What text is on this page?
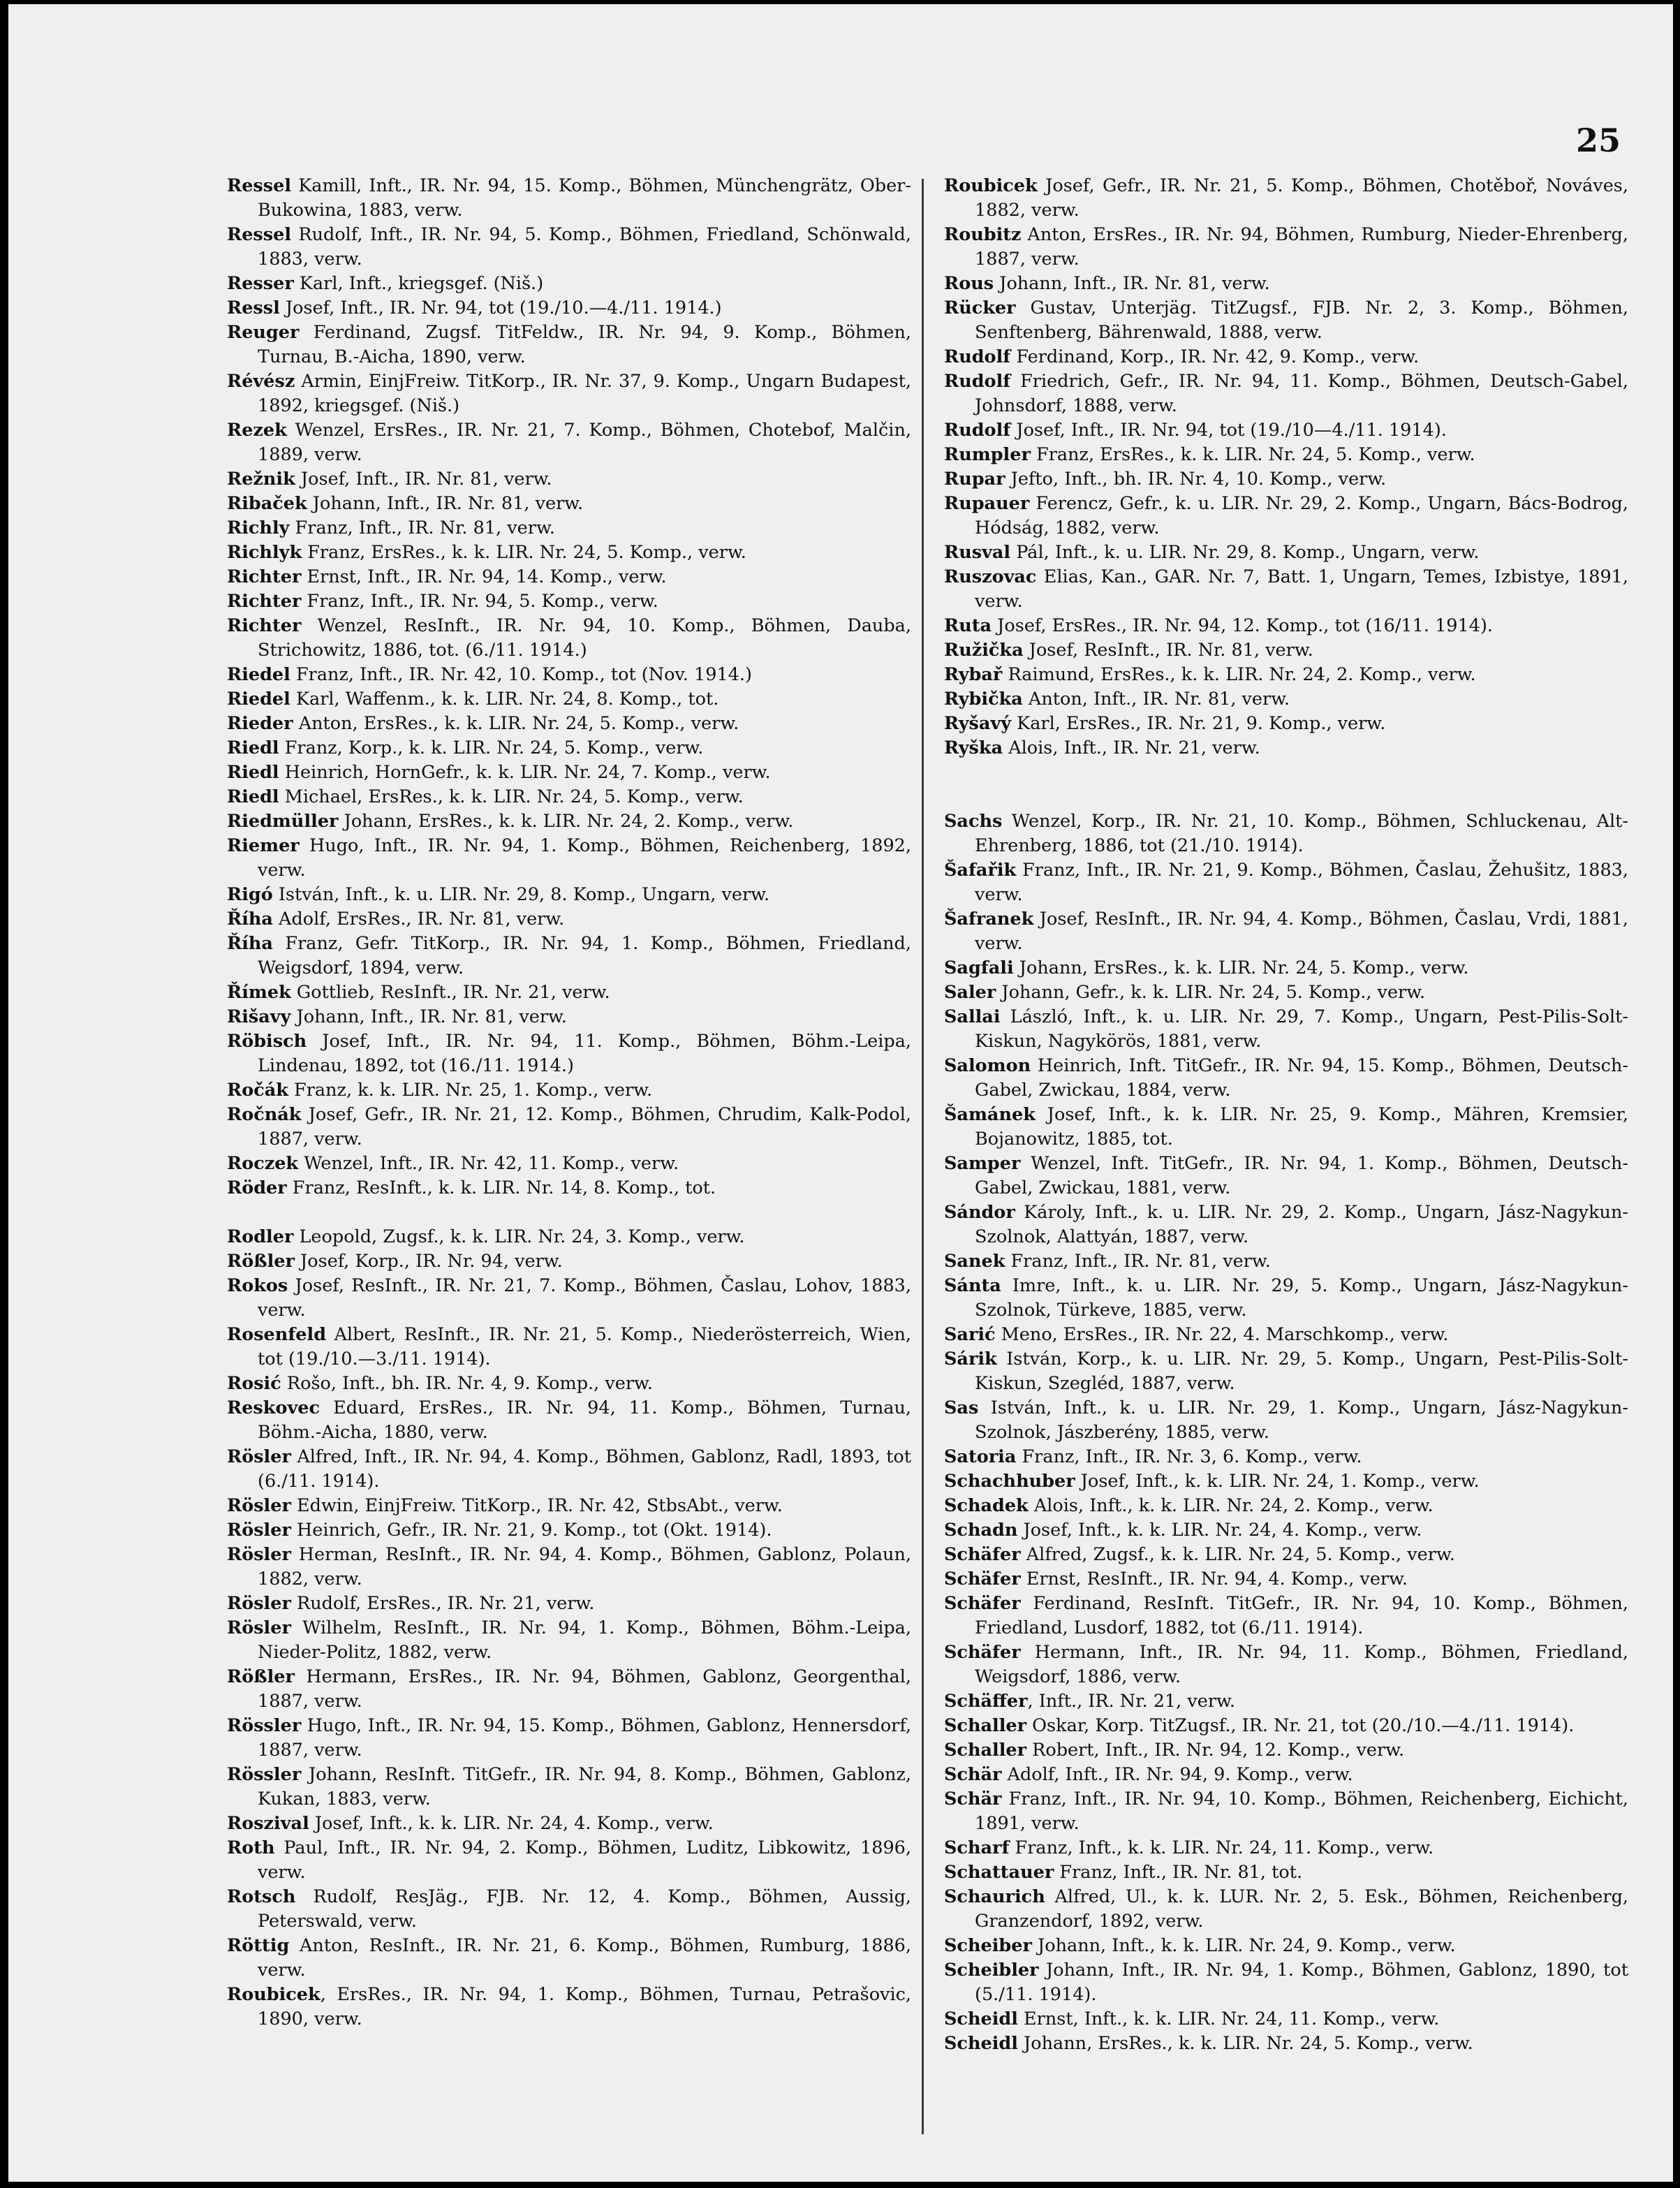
25

Ressel Kamill, Inft., IR. Nr. 94, 15. Komp., Böhmen, Münchengrätz, Ober-Bukowina, 1883, verw.

Ressel Rudolf, Inft., IR. Nr. 94, 5. Komp., Böhmen, Friedland, Schönwald, 1883, verw.

Resser Karl, Inft., kriegsgef. (Niš.)

Ressl Josef, Inft., IR. Nr. 94, tot (19./10.—4./11. 1914.)

Reuger Ferdinand, Zugsf. TitFeldw., IR. Nr. 94, 9. Komp., Böhmen, Turnau, B.-Aicha, 1890, verw.

Révész Armin, EinjFreiw. TitKorp., IR. Nr. 37, 9. Komp., Ungarn Budapest, 1892, kriegsgef. (Niš.)

Rezek Wenzel, ErsRes., IR. Nr. 21, 7. Komp., Böhmen, Chotebof, Malčin, 1889, verw.

Režnik Josef, Inft., IR. Nr. 81, verw.

Ribaček Johann, Inft., IR. Nr. 81, verw.

Richly Franz, Inft., IR. Nr. 81, verw.

Richlyk Franz, ErsRes., k. k. LIR. Nr. 24, 5. Komp., verw.

Richter Ernst, Inft., IR. Nr. 94, 14. Komp., verw.

Richter Franz, Inft., IR. Nr. 94, 5. Komp., verw.

Richter Wenzel, ResInft., IR. Nr. 94, 10. Komp., Böhmen, Dauba, Strichowitz, 1886, tot. (6./11. 1914.)

Riedel Franz, Inft., IR. Nr. 42, 10. Komp., tot (Nov. 1914.)

Riedel Karl, Waffenm., k. k. LIR. Nr. 24, 8. Komp., tot.

Rieder Anton, ErsRes., k. k. LIR. Nr. 24, 5. Komp., verw.

Riedl Franz, Korp., k. k. LIR. Nr. 24, 5. Komp., verw.

Riedl Heinrich, HornGefr., k. k. LIR. Nr. 24, 7. Komp., verw.

Riedl Michael, ErsRes., k. k. LIR. Nr. 24, 5. Komp., verw.

Riedmüller Johann, ErsRes., k. k. LIR. Nr. 24, 2. Komp., verw.

Riemer Hugo, Inft., IR. Nr. 94, 1. Komp., Böhmen, Reichenberg, 1892, verw.

Rigó István, Inft., k. u. LIR. Nr. 29, 8. Komp., Ungarn, verw.

Říha Adolf, ErsRes., IR. Nr. 81, verw.

Říha Franz, Gefr. TitKorp., IR. Nr. 94, 1. Komp., Böhmen, Friedland, Weigsdorf, 1894, verw.

Římek Gottlieb, ResInft., IR. Nr. 21, verw.

Rišavy Johann, Inft., IR. Nr. 81, verw.

Röbisch Josef, Inft., IR. Nr. 94, 11. Komp., Böhmen, Böhm.-Leipa, Lindenau, 1892, tot (16./11. 1914.)

Ročák Franz, k. k. LIR. Nr. 25, 1. Komp., verw.

Ročnák Josef, Gefr., IR. Nr. 21, 12. Komp., Böhmen, Chrudim, Kalk-Podol, 1887, verw.

Roczek Wenzel, Inft., IR. Nr. 42, 11. Komp., verw.

Röder Franz, ResInft., k. k. LIR. Nr. 14, 8. Komp., tot.

Rodler Leopold, Zugsf., k. k. LIR. Nr. 24, 3. Komp., verw.

Rößler Josef, Korp., IR. Nr. 94, verw.

Rokos Josef, ResInft., IR. Nr. 21, 7. Komp., Böhmen, Časlau, Lohov, 1883, verw.

Rosenfeld Albert, ResInft., IR. Nr. 21, 5. Komp., Niederösterreich, Wien, tot (19./10.—3./11. 1914).

Rosić Rošo, Inft., bh. IR. Nr. 4, 9. Komp., verw.

Reskovec Eduard, ErsRes., IR. Nr. 94, 11. Komp., Böhmen, Turnau, Böhm.-Aicha, 1880, verw.

Rösler Alfred, Inft., IR. Nr. 94, 4. Komp., Böhmen, Gablonz, Radl, 1893, tot (6./11. 1914).

Rösler Edwin, EinjFreiw. TitKorp., IR. Nr. 42, StbsAbt., verw.

Rösler Heinrich, Gefr., IR. Nr. 21, 9. Komp., tot (Okt. 1914).

Rösler Herman, ResInft., IR. Nr. 94, 4. Komp., Böhmen, Gablonz, Polaun, 1882, verw.

Rösler Rudolf, ErsRes., IR. Nr. 21, verw.

Rösler Wilhelm, ResInft., IR. Nr. 94, 1. Komp., Böhmen, Böhm.-Leipa, Nieder-Politz, 1882, verw.

Rößler Hermann, ErsRes., IR. Nr. 94, Böhmen, Gablonz, Georgenthal, 1887, verw.

Rössler Hugo, Inft., IR. Nr. 94, 15. Komp., Böhmen, Gablonz, Hennersdorf, 1887, verw.

Rössler Johann, ResInft. TitGefr., IR. Nr. 94, 8. Komp., Böhmen, Gablonz, Kukan, 1883, verw.

Roszival Josef, Inft., k. k. LIR. Nr. 24, 4. Komp., verw.

Roth Paul, Inft., IR. Nr. 94, 2. Komp., Böhmen, Luditz, Libkowitz, 1896, verw.

Rotsch Rudolf, ResJäg., FJB. Nr. 12, 4. Komp., Böhmen, Aussig, Peterswald, verw.

Röttig Anton, ResInft., IR. Nr. 21, 6. Komp., Böhmen, Rumburg, 1886, verw.

Roubicek, ErsRes., IR. Nr. 94, 1. Komp., Böhmen, Turnau, Petrašovic, 1890, verw.

Roubicek Josef, Gefr., IR. Nr. 21, 5. Komp., Böhmen, Chotěboř, Nováves, 1882, verw.

Roubitz Anton, ErsRes., IR. Nr. 94, Böhmen, Rumburg, Nieder-Ehrenberg, 1887, verw.

Rous Johann, Inft., IR. Nr. 81, verw.

Rücker Gustav, Unterjäg. TitZugsf., FJB. Nr. 2, 3. Komp., Böhmen, Senftenberg, Bährenwald, 1888, verw.

Rudolf Ferdinand, Korp., IR. Nr. 42, 9. Komp., verw.

Rudolf Friedrich, Gefr., IR. Nr. 94, 11. Komp., Böhmen, Deutsch-Gabel, Johnsdorf, 1888, verw.

Rudolf Josef, Inft., IR. Nr. 94, tot (19./10—4./11. 1914).

Rumpler Franz, ErsRes., k. k. LIR. Nr. 24, 5. Komp., verw.

Rupar Jefto, Inft., bh. IR. Nr. 4, 10. Komp., verw.

Rupauer Ferencz, Gefr., k. u. LIR. Nr. 29, 2. Komp., Ungarn, Bács-Bodrog, Hódság, 1882, verw.

Rusval Pál, Inft., k. u. LIR. Nr. 29, 8. Komp., Ungarn, verw.

Ruszovac Elias, Kan., GAR. Nr. 7, Batt. 1, Ungarn, Temes, Izbistye, 1891, verw.

Ruta Josef, ErsRes., IR. Nr. 94, 12. Komp., tot (16/11. 1914).

Ružička Josef, ResInft., IR. Nr. 81, verw.

Rybař Raimund, ErsRes., k. k. LIR. Nr. 24, 2. Komp., verw.

Rybička Anton, Inft., IR. Nr. 81, verw.

Ryšavý Karl, ErsRes., IR. Nr. 21, 9. Komp., verw.

Ryška Alois, Inft., IR. Nr. 21, verw.

Sachs Wenzel, Korp., IR. Nr. 21, 10. Komp., Böhmen, Schluckenau, Alt-Ehrenberg, 1886, tot (21./10. 1914).

Šafařik Franz, Inft., IR. Nr. 21, 9. Komp., Böhmen, Časlau, Žehušitz, 1883, verw.

Šafranek Josef, ResInft., IR. Nr. 94, 4. Komp., Böhmen, Časlau, Vrdi, 1881, verw.

Sagfali Johann, ErsRes., k. k. LIR. Nr. 24, 5. Komp., verw.

Saler Johann, Gefr., k. k. LIR. Nr. 24, 5. Komp., verw.

Sallai László, Inft., k. u. LIR. Nr. 29, 7. Komp., Ungarn, Pest-Pilis-Solt-Kiskun, Nagykörös, 1881, verw.

Salomon Heinrich, Inft. TitGefr., IR. Nr. 94, 15. Komp., Böhmen, Deutsch-Gabel, Zwickau, 1884, verw.

Šamánek Josef, Inft., k. k. LIR. Nr. 25, 9. Komp., Mähren, Kremsier, Bojanowitz, 1885, tot.

Samper Wenzel, Inft. TitGefr., IR. Nr. 94, 1. Komp., Böhmen, Deutsch-Gabel, Zwickau, 1881, verw.

Sándor Károly, Inft., k. u. LIR. Nr. 29, 2. Komp., Ungarn, Jász-Nagykun-Szolnok, Alattyán, 1887, verw.

Sanek Franz, Inft., IR. Nr. 81, verw.

Sánta Imre, Inft., k. u. LIR. Nr. 29, 5. Komp., Ungarn, Jász-Nagykun-Szolnok, Türkeve, 1885, verw.

Sarić Meno, ErsRes., IR. Nr. 22, 4. Marschkomp., verw.

Sárik István, Korp., k. u. LIR. Nr. 29, 5. Komp., Ungarn, Pest-Pilis-Solt-Kiskun, Szegléd, 1887, verw.

Sas István, Inft., k. u. LIR. Nr. 29, 1. Komp., Ungarn, Jász-Nagykun-Szolnok, Jászberény, 1885, verw.

Satoria Franz, Inft., IR. Nr. 3, 6. Komp., verw.

Schachhuber Josef, Inft., k. k. LIR. Nr. 24, 1. Komp., verw.

Schadek Alois, Inft., k. k. LIR. Nr. 24, 2. Komp., verw.

Schadn Josef, Inft., k. k. LIR. Nr. 24, 4. Komp., verw.

Schäfer Alfred, Zugsf., k. k. LIR. Nr. 24, 5. Komp., verw.

Schäfer Ernst, ResInft., IR. Nr. 94, 4. Komp., verw.

Schäfer Ferdinand, ResInft. TitGefr., IR. Nr. 94, 10. Komp., Böhmen, Friedland, Lusdorf, 1882, tot (6./11. 1914).

Schäfer Hermann, Inft., IR. Nr. 94, 11. Komp., Böhmen, Friedland, Weigsdorf, 1886, verw.

Schäffer, Inft., IR. Nr. 21, verw.

Schaller Oskar, Korp. TitZugsf., IR. Nr. 21, tot (20./10.—4./11. 1914).

Schaller Robert, Inft., IR. Nr. 94, 12. Komp., verw.

Schär Adolf, Inft., IR. Nr. 94, 9. Komp., verw.

Schär Franz, Inft., IR. Nr. 94, 10. Komp., Böhmen, Reichenberg, Eichicht, 1891, verw.

Scharf Franz, Inft., k. k. LIR. Nr. 24, 11. Komp., verw.

Schattauer Franz, Inft., IR. Nr. 81, tot.

Schaurich Alfred, Ul., k. k. LUR. Nr. 2, 5. Esk., Böhmen, Reichenberg, Granzendorf, 1892, verw.

Scheiber Johann, Inft., k. k. LIR. Nr. 24, 9. Komp., verw.

Scheibler Johann, Inft., IR. Nr. 94, 1. Komp., Böhmen, Gablonz, 1890, tot (5./11. 1914).

Scheidl Ernst, Inft., k. k. LIR. Nr. 24, 11. Komp., verw.

Scheidl Johann, ErsRes., k. k. LIR. Nr. 24, 5. Komp., verw.
